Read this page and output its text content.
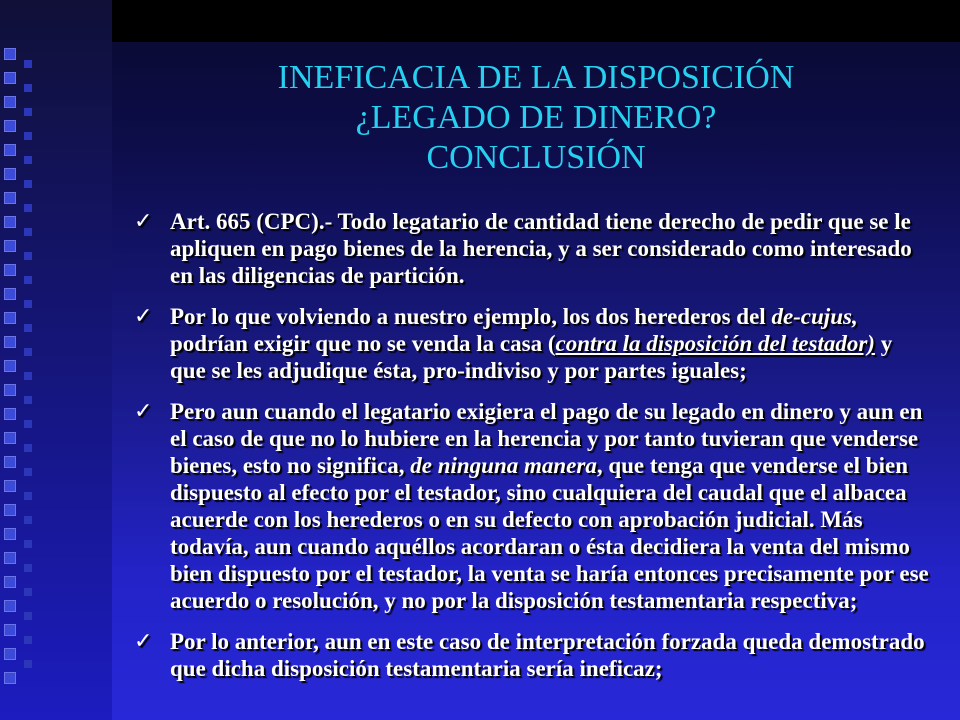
INEFICACIA DE LA DISPOSICIÓN
¿LEGADO DE DINERO?
CONCLUSIÓN
✓ Art. 665 (CPC).- Todo legatario de cantidad tiene derecho de pedir que se le apliquen en pago bienes de la herencia, y a ser considerado como interesado en las diligencias de partición.
✓ Por lo que volviendo a nuestro ejemplo, los dos herederos del de-cujus, podrían exigir que no se venda la casa (contra la disposición del testador) y que se les adjudique ésta, pro-indiviso y por partes iguales;
✓ Pero aun cuando el legatario exigiera el pago de su legado en dinero y aun en el caso de que no lo hubiere en la herencia y por tanto tuvieran que venderse bienes, esto no significa, de ninguna manera, que tenga que venderse el bien dispuesto al efecto por el testador, sino cualquiera del caudal que el albacea acuerde con los herederos o en su defecto con aprobación judicial. Más todavía, aun cuando aquéllos acordaran o ésta decidiera la venta del mismo bien dispuesto por el testador, la venta se haría entonces precisamente por ese acuerdo o resolución, y no por la disposición testamentaria respectiva;
✓ Por lo anterior, aun en este caso de interpretación forzada queda demostrado que dicha disposición testamentaria sería ineficaz;
